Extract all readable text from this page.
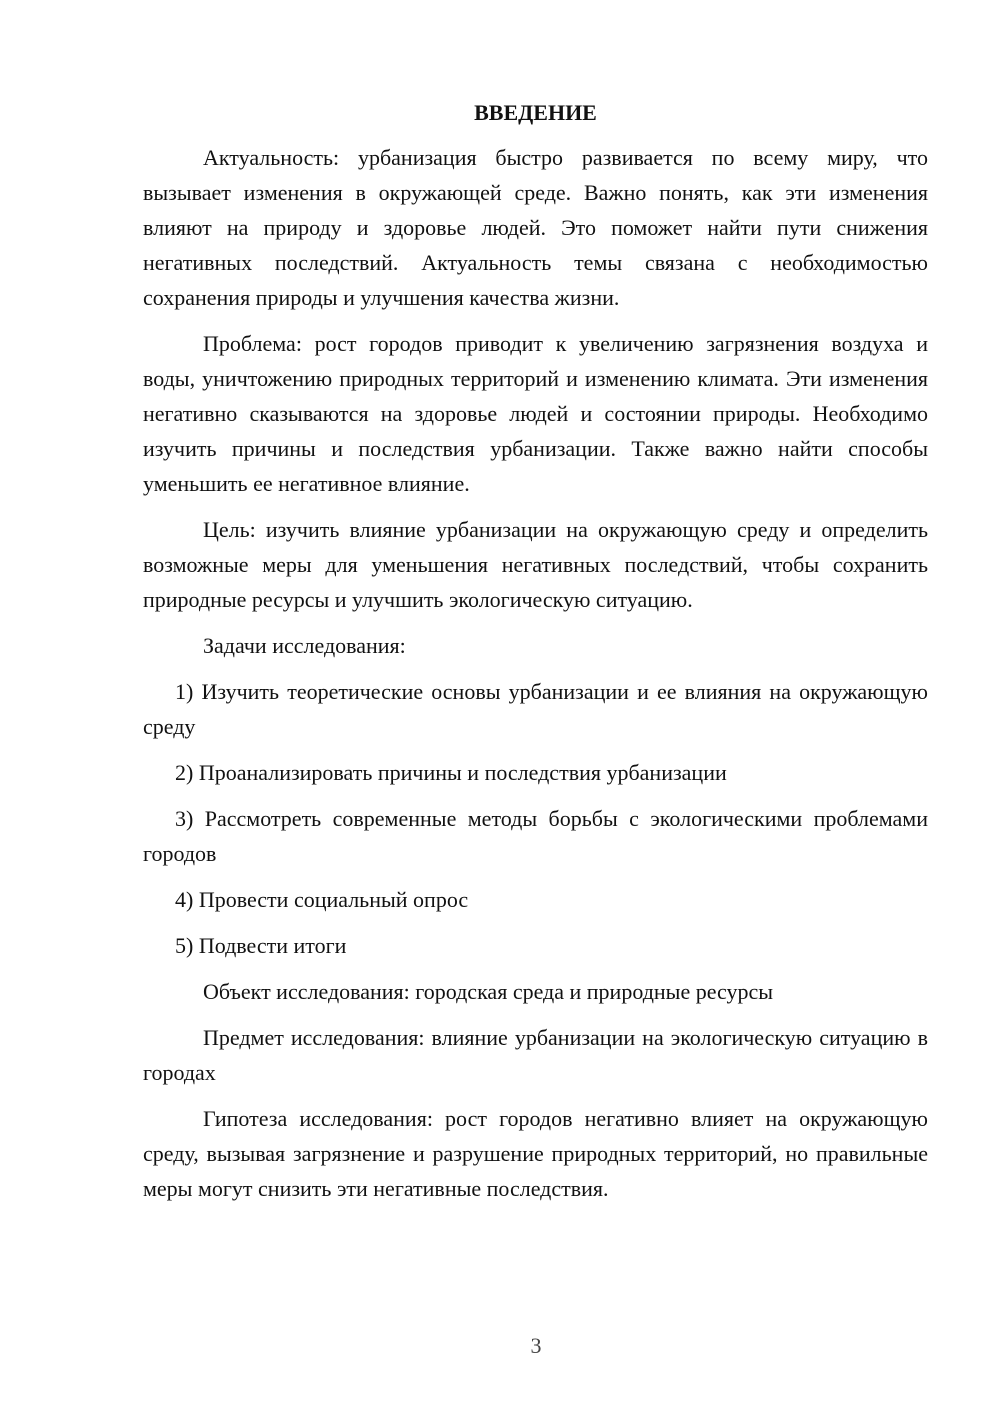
ВВЕДЕНИЕ

Актуальность: урбанизация быстро развивается по всему миру, что вызывает изменения в окружающей среде. Важно понять, как эти изменения влияют на природу и здоровье людей. Это поможет найти пути снижения негативных последствий. Актуальность темы связана с необходимостью сохранения природы и улучшения качества жизни.

Проблема: рост городов приводит к увеличению загрязнения воздуха и воды, уничтожению природных территорий и изменению климата. Эти изменения негативно сказываются на здоровье людей и состоянии природы. Необходимо изучить причины и последствия урбанизации. Также важно найти способы уменьшить ее негативное влияние.

Цель: изучить влияние урбанизации на окружающую среду и определить возможные меры для уменьшения негативных последствий, чтобы сохранить природные ресурсы и улучшить экологическую ситуацию.

Задачи исследования:

1) Изучить теоретические основы урбанизации и ее влияния на окружающую среду

2) Проанализировать причины и последствия урбанизации

3) Рассмотреть современные методы борьбы с экологическими проблемами городов

4) Провести социальный опрос

5) Подвести итоги

Объект исследования: городская среда и природные ресурсы

Предмет исследования: влияние урбанизации на экологическую ситуацию в городах

Гипотеза исследования: рост городов негативно влияет на окружающую среду, вызывая загрязнение и разрушение природных территорий, но правильные меры могут снизить эти негативные последствия.

3
